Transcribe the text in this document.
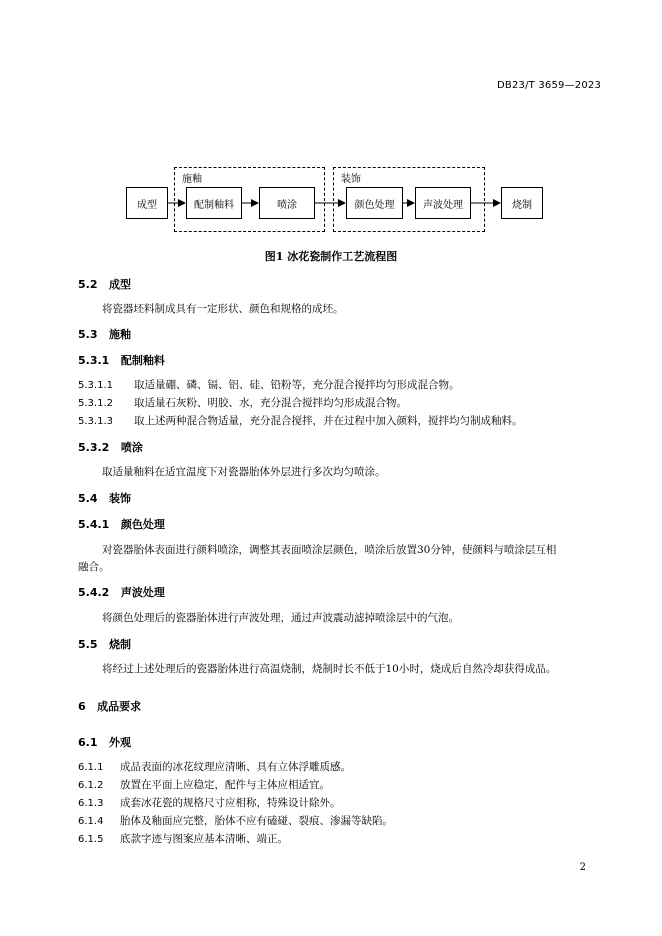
DB23/T 3659—2023
施釉	装饰
成型	配制釉料	喷涂	颜色处理	声波处理	烧制
图1 冰花瓷制作工艺流程图
5.2 成型
将瓷器坯料制成具有一定形状、颜色和规格的成坯。
5.3 施釉
5.3.1 配制釉料
5.3.1.1 取适量硼、磷、镉、铝、硅、铅粉等，充分混合搅拌均匀形成混合物。
5.3.1.2 取适量石灰粉、明胶、水，充分混合搅拌均匀形成混合物。
5.3.1.3 取上述两种混合物适量，充分混合搅拌，并在过程中加入颜料，搅拌均匀制成釉料。
5.3.2 喷涂
取适量釉料在适宜温度下对瓷器胎体外层进行多次均匀喷涂。
5.4 装饰
5.4.1 颜色处理
对瓷器胎体表面进行颜料喷涂，调整其表面喷涂层颜色，喷涂后放置30分钟，使颜料与喷涂层互相
融合。
5.4.2 声波处理
将颜色处理后的瓷器胎体进行声波处理，通过声波震动滤掉喷涂层中的气泡。
5.5 烧制
将经过上述处理后的瓷器胎体进行高温烧制，烧制时长不低于10小时，烧成后自然冷却获得成品。
6 成品要求
6.1 外观
6.1.1 成品表面的冰花纹理应清晰、具有立体浮雕质感。
6.1.2 放置在平面上应稳定，配件与主体应相适宜。
6.1.3 成套冰花瓷的规格尺寸应相称，特殊设计除外。
6.1.4 胎体及釉面应完整，胎体不应有磕碰、裂痕、渗漏等缺陷。
6.1.5 底款字迹与图案应基本清晰、端正。
2
